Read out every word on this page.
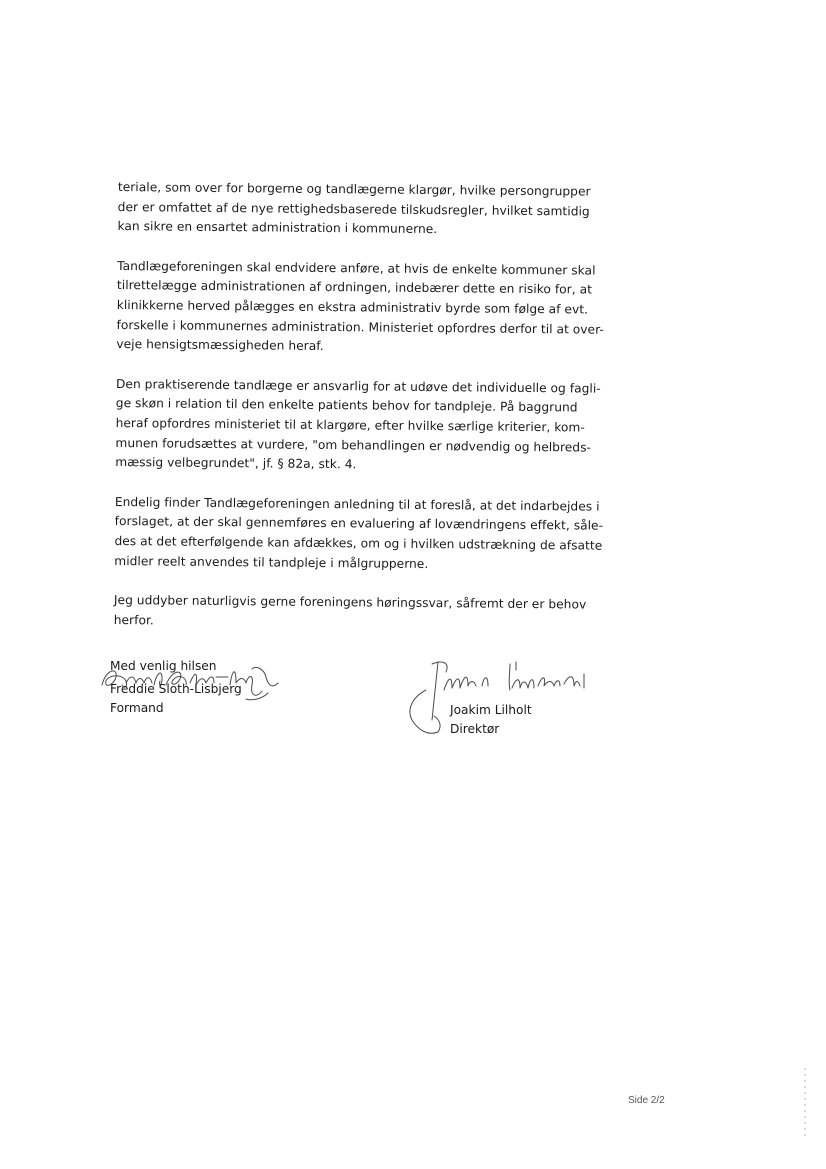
teriale, som over for borgerne og tandlægerne klargør, hvilke persongrupper
der er omfattet af de nye rettighedsbaserede tilskudsregler, hvilket samtidig
kan sikre en ensartet administration i kommunerne.

Tandlægeforeningen skal endvidere anføre, at hvis de enkelte kommuner skal
tilrettelægge administrationen af ordningen, indebærer dette en risiko for, at
klinikkerne herved pålægges en ekstra administrativ byrde som følge af evt.
forskelle i kommunernes administration. Ministeriet opfordres derfor til at over-
veje hensigtsmæssigheden heraf.

Den praktiserende tandlæge er ansvarlig for at udøve det individuelle og fagli-
ge skøn i relation til den enkelte patients behov for tandpleje. På baggrund
heraf opfordres ministeriet til at klargøre, efter hvilke særlige kriterier, kom-
munen forudsættes at vurdere, "om behandlingen er nødvendig og helbreds-
mæssig velbegrundet", jf. § 82a, stk. 4.

Endelig finder Tandlægeforeningen anledning til at foreslå, at det indarbejdes i
forslaget, at der skal gennemføres en evaluering af lovændringens effekt, såle-
des at det efterfølgende kan afdækkes, om og i hvilken udstrækning de afsatte
midler reelt anvendes til tandpleje i målgrupperne.

Jeg uddyber naturligvis gerne foreningens høringssvar, såfremt der er behov
herfor.

Med venlig hilsen
Freddie Sloth-Lisbjerg
Formand	Joakim Lilholt
Direktør
Side 2/2
